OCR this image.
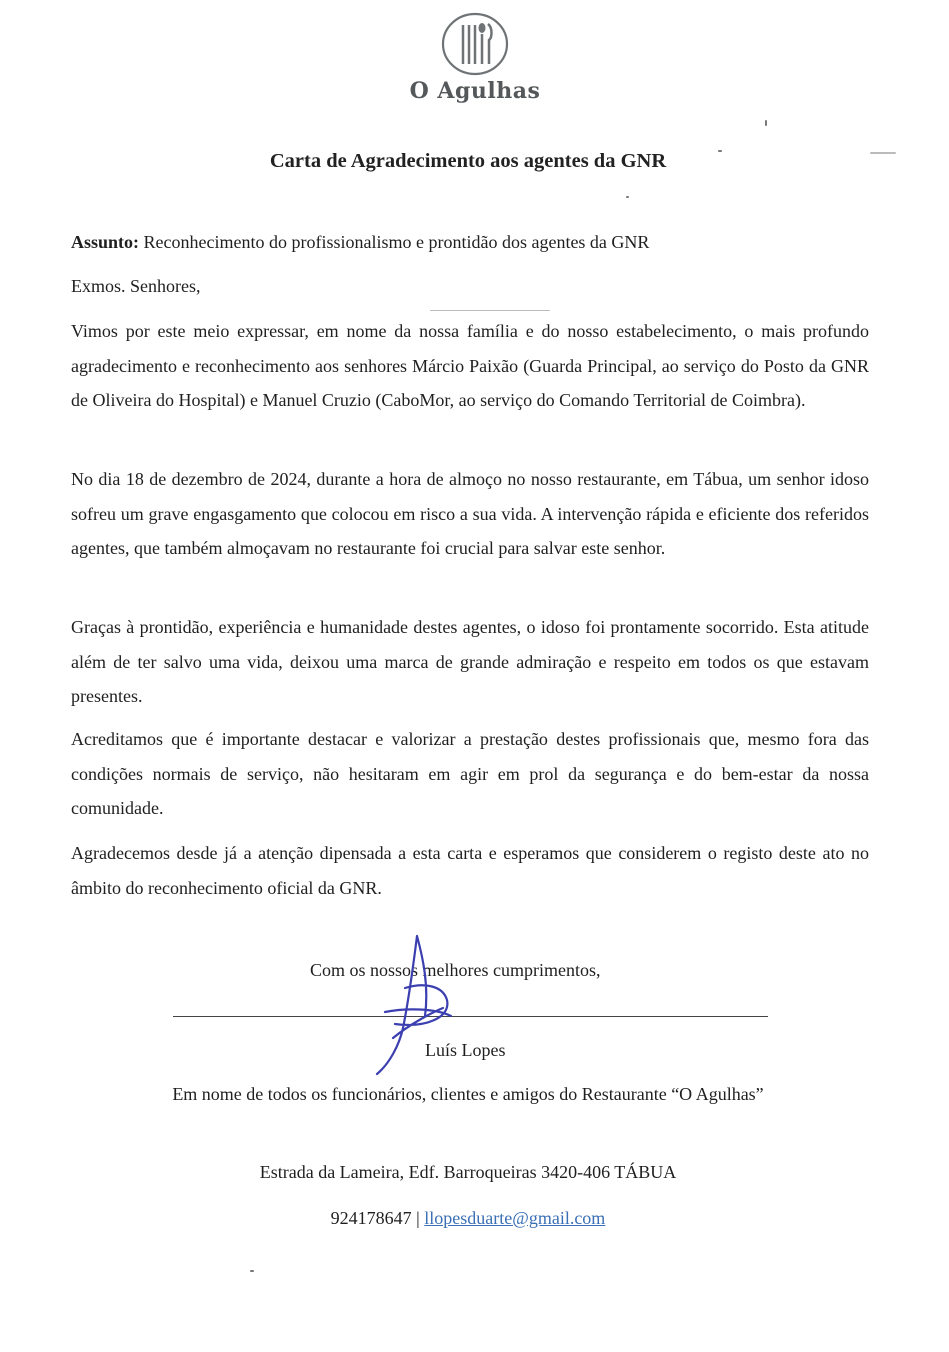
O Agulhas
Carta de Agradecimento aos agentes da GNR
Assunto: Reconhecimento do profissionalismo e prontidão dos agentes da GNR
Exmos. Senhores,
Vimos por este meio expressar, em nome da nossa família e do nosso estabelecimento, o mais profundo agradecimento e reconhecimento aos senhores Márcio Paixão (Guarda Principal, ao serviço do Posto da GNR de Oliveira do Hospital) e Manuel Cruzio (CaboMor, ao serviço do Comando Territorial de Coimbra).
No dia 18 de dezembro de 2024, durante a hora de almoço no nosso restaurante, em Tábua, um senhor idoso sofreu um grave engasgamento que colocou em risco a sua vida. A intervenção rápida e eficiente dos referidos agentes, que também almoçavam no restaurante foi crucial para salvar este senhor.
Graças à prontidão, experiência e humanidade destes agentes, o idoso foi prontamente socorrido. Esta atitude além de ter salvo uma vida, deixou uma marca de grande admiração e respeito em todos os que estavam presentes.
Acreditamos que é importante destacar e valorizar a prestação destes profissionais que, mesmo fora das condições normais de serviço, não hesitaram em agir em prol da segurança e do bem-estar da nossa comunidade.
Agradecemos desde já a atenção dipensada a esta carta e esperamos que considerem o registo deste ato no âmbito do reconhecimento oficial da GNR.
Com os nossos melhores cumprimentos,
Luís Lopes
Em nome de todos os funcionários, clientes e amigos do Restaurante “O Agulhas”
Estrada da Lameira, Edf. Barroqueiras 3420-406 TÁBUA
924178647 | llopesduarte@gmail.com
